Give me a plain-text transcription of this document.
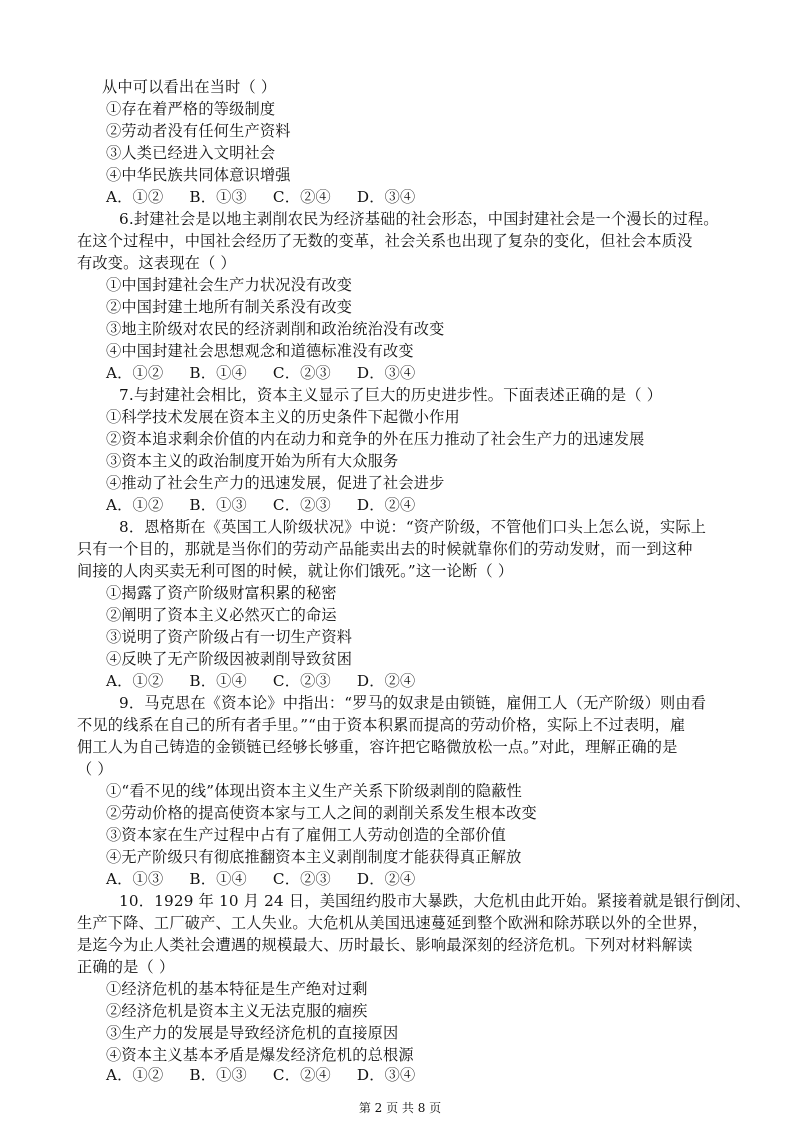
从中可以看出在当时（ ）
①存在着严格的等级制度
②劳动者没有任何生产资料
③人类已经进入文明社会
④中华民族共同体意识增强
A．①② B．①③ C．②④ D．③④
6.封建社会是以地主剥削农民为经济基础的社会形态，中国封建社会是一个漫长的过程。
在这个过程中，中国社会经历了无数的变革，社会关系也出现了复杂的变化，但社会本质没
有改变。这表现在（ ）
①中国封建社会生产力状况没有改变
②中国封建土地所有制关系没有改变
③地主阶级对农民的经济剥削和政治统治没有改变
④中国封建社会思想观念和道德标准没有改变
A．①② B．①④ C．②③ D．③④
7.与封建社会相比，资本主义显示了巨大的历史进步性。下面表述正确的是（ ）
①科学技术发展在资本主义的历史条件下起微小作用
②资本追求剩余价值的内在动力和竞争的外在压力推动了社会生产力的迅速发展
③资本主义的政治制度开始为所有大众服务
④推动了社会生产力的迅速发展，促进了社会进步
A．①② B．①③ C．②③ D．②④
8．恩格斯在《英国工人阶级状况》中说：“资产阶级，不管他们口头上怎么说，实际上
只有一个目的，那就是当你们的劳动产品能卖出去的时候就靠你们的劳动发财，而一到这种
间接的人肉买卖无利可图的时候，就让你们饿死。”这一论断（ ）
①揭露了资产阶级财富积累的秘密
②阐明了资本主义必然灭亡的命运
③说明了资产阶级占有一切生产资料
④反映了无产阶级因被剥削导致贫困
A．①② B．①④ C．②③ D．②④
9．马克思在《资本论》中指出：“罗马的奴隶是由锁链，雇佣工人（无产阶级）则由看
不见的线系在自己的所有者手里。”“由于资本积累而提高的劳动价格，实际上不过表明，雇
佣工人为自己铸造的金锁链已经够长够重，容许把它略微放松一点。”对此，理解正确的是
（ ）
①“看不见的线”体现出资本主义生产关系下阶级剥削的隐蔽性
②劳动价格的提高使资本家与工人之间的剥削关系发生根本改变
③资本家在生产过程中占有了雇佣工人劳动创造的全部价值
④无产阶级只有彻底推翻资本主义剥削制度才能获得真正解放
A．①③ B．①④ C．②③ D．②④
10．1929 年 10 月 24 日，美国纽约股市大暴跌，大危机由此开始。紧接着就是银行倒闭、
生产下降、工厂破产、工人失业。大危机从美国迅速蔓延到整个欧洲和除苏联以外的全世界，
是迄今为止人类社会遭遇的规模最大、历时最长、影响最深刻的经济危机。下列对材料解读
正确的是（ ）
①经济危机的基本特征是生产绝对过剩
②经济危机是资本主义无法克服的痼疾
③生产力的发展是导致经济危机的直接原因
④资本主义基本矛盾是爆发经济危机的总根源
A．①② B．①③ C．②④ D．③④
第 2 页 共 8 页
